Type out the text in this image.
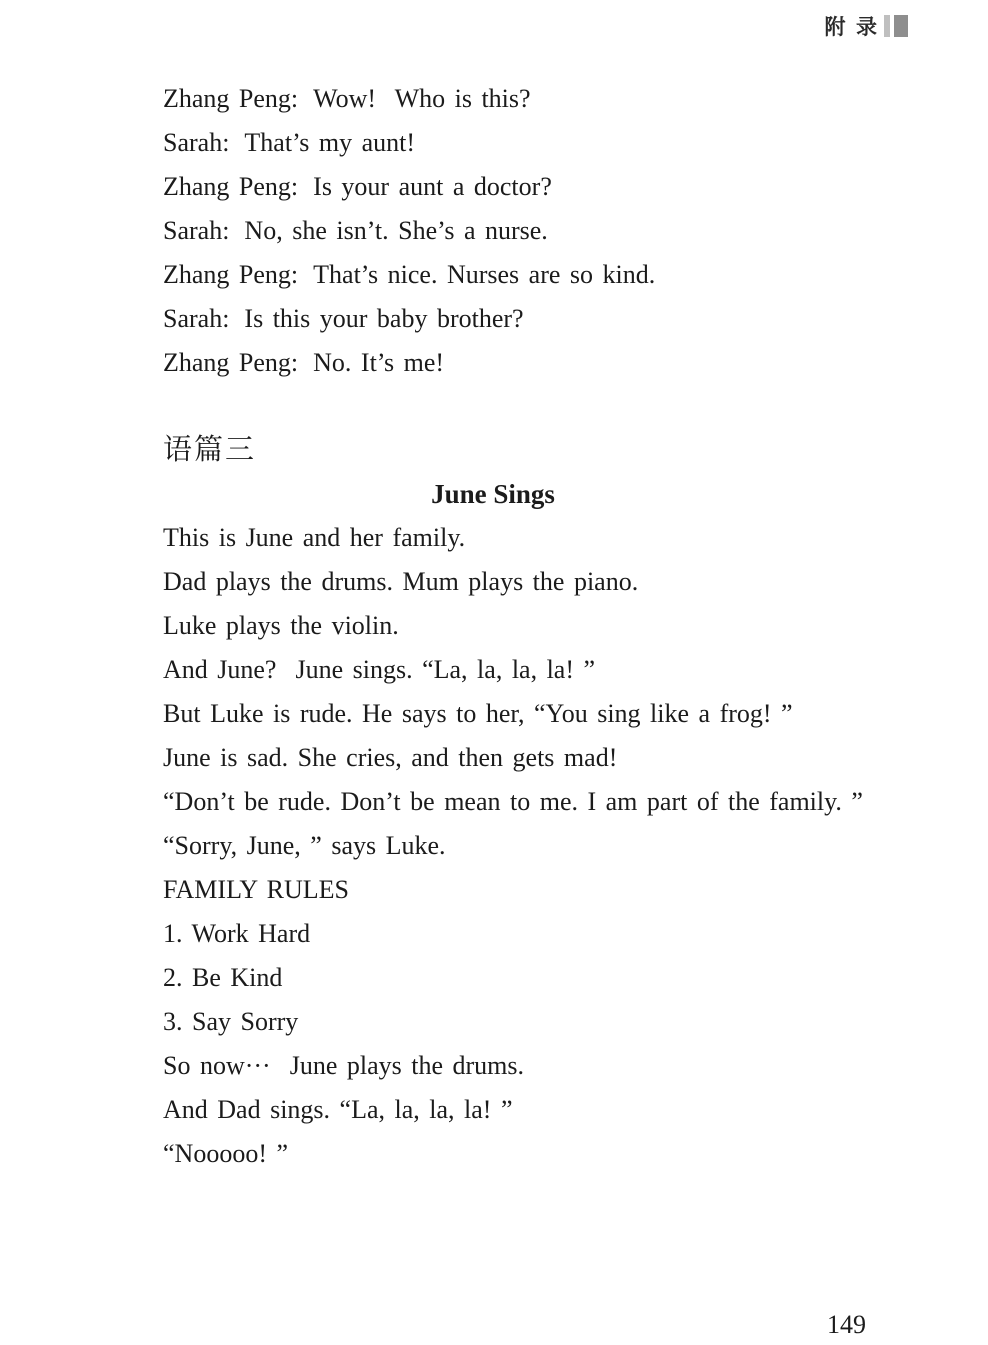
附  录
Zhang Peng: Wow!  Who is this?
Sarah: That’s my aunt!
Zhang Peng: Is your aunt a doctor?
Sarah: No, she isn’t. She’s a nurse.
Zhang Peng: That’s nice. Nurses are so kind.
Sarah: Is this your baby brother?
Zhang Peng: No. It’s me!
语篇三
June Sings
This is June and her family.
Dad plays the drums. Mum plays the piano.
Luke plays the violin.
And June?  June sings. “La, la, la, la! ”
But Luke is rude. He says to her, “You sing like a frog! ”
June is sad. She cries, and then gets mad!
“Don’t be rude. Don’t be mean to me. I am part of the family. ”
“Sorry, June, ” says Luke.
FAMILY RULES
1. Work Hard
2. Be Kind
3. Say Sorry
So now···  June plays the drums.
And Dad sings. “La, la, la, la! ”
“Nooooo! ”
149
